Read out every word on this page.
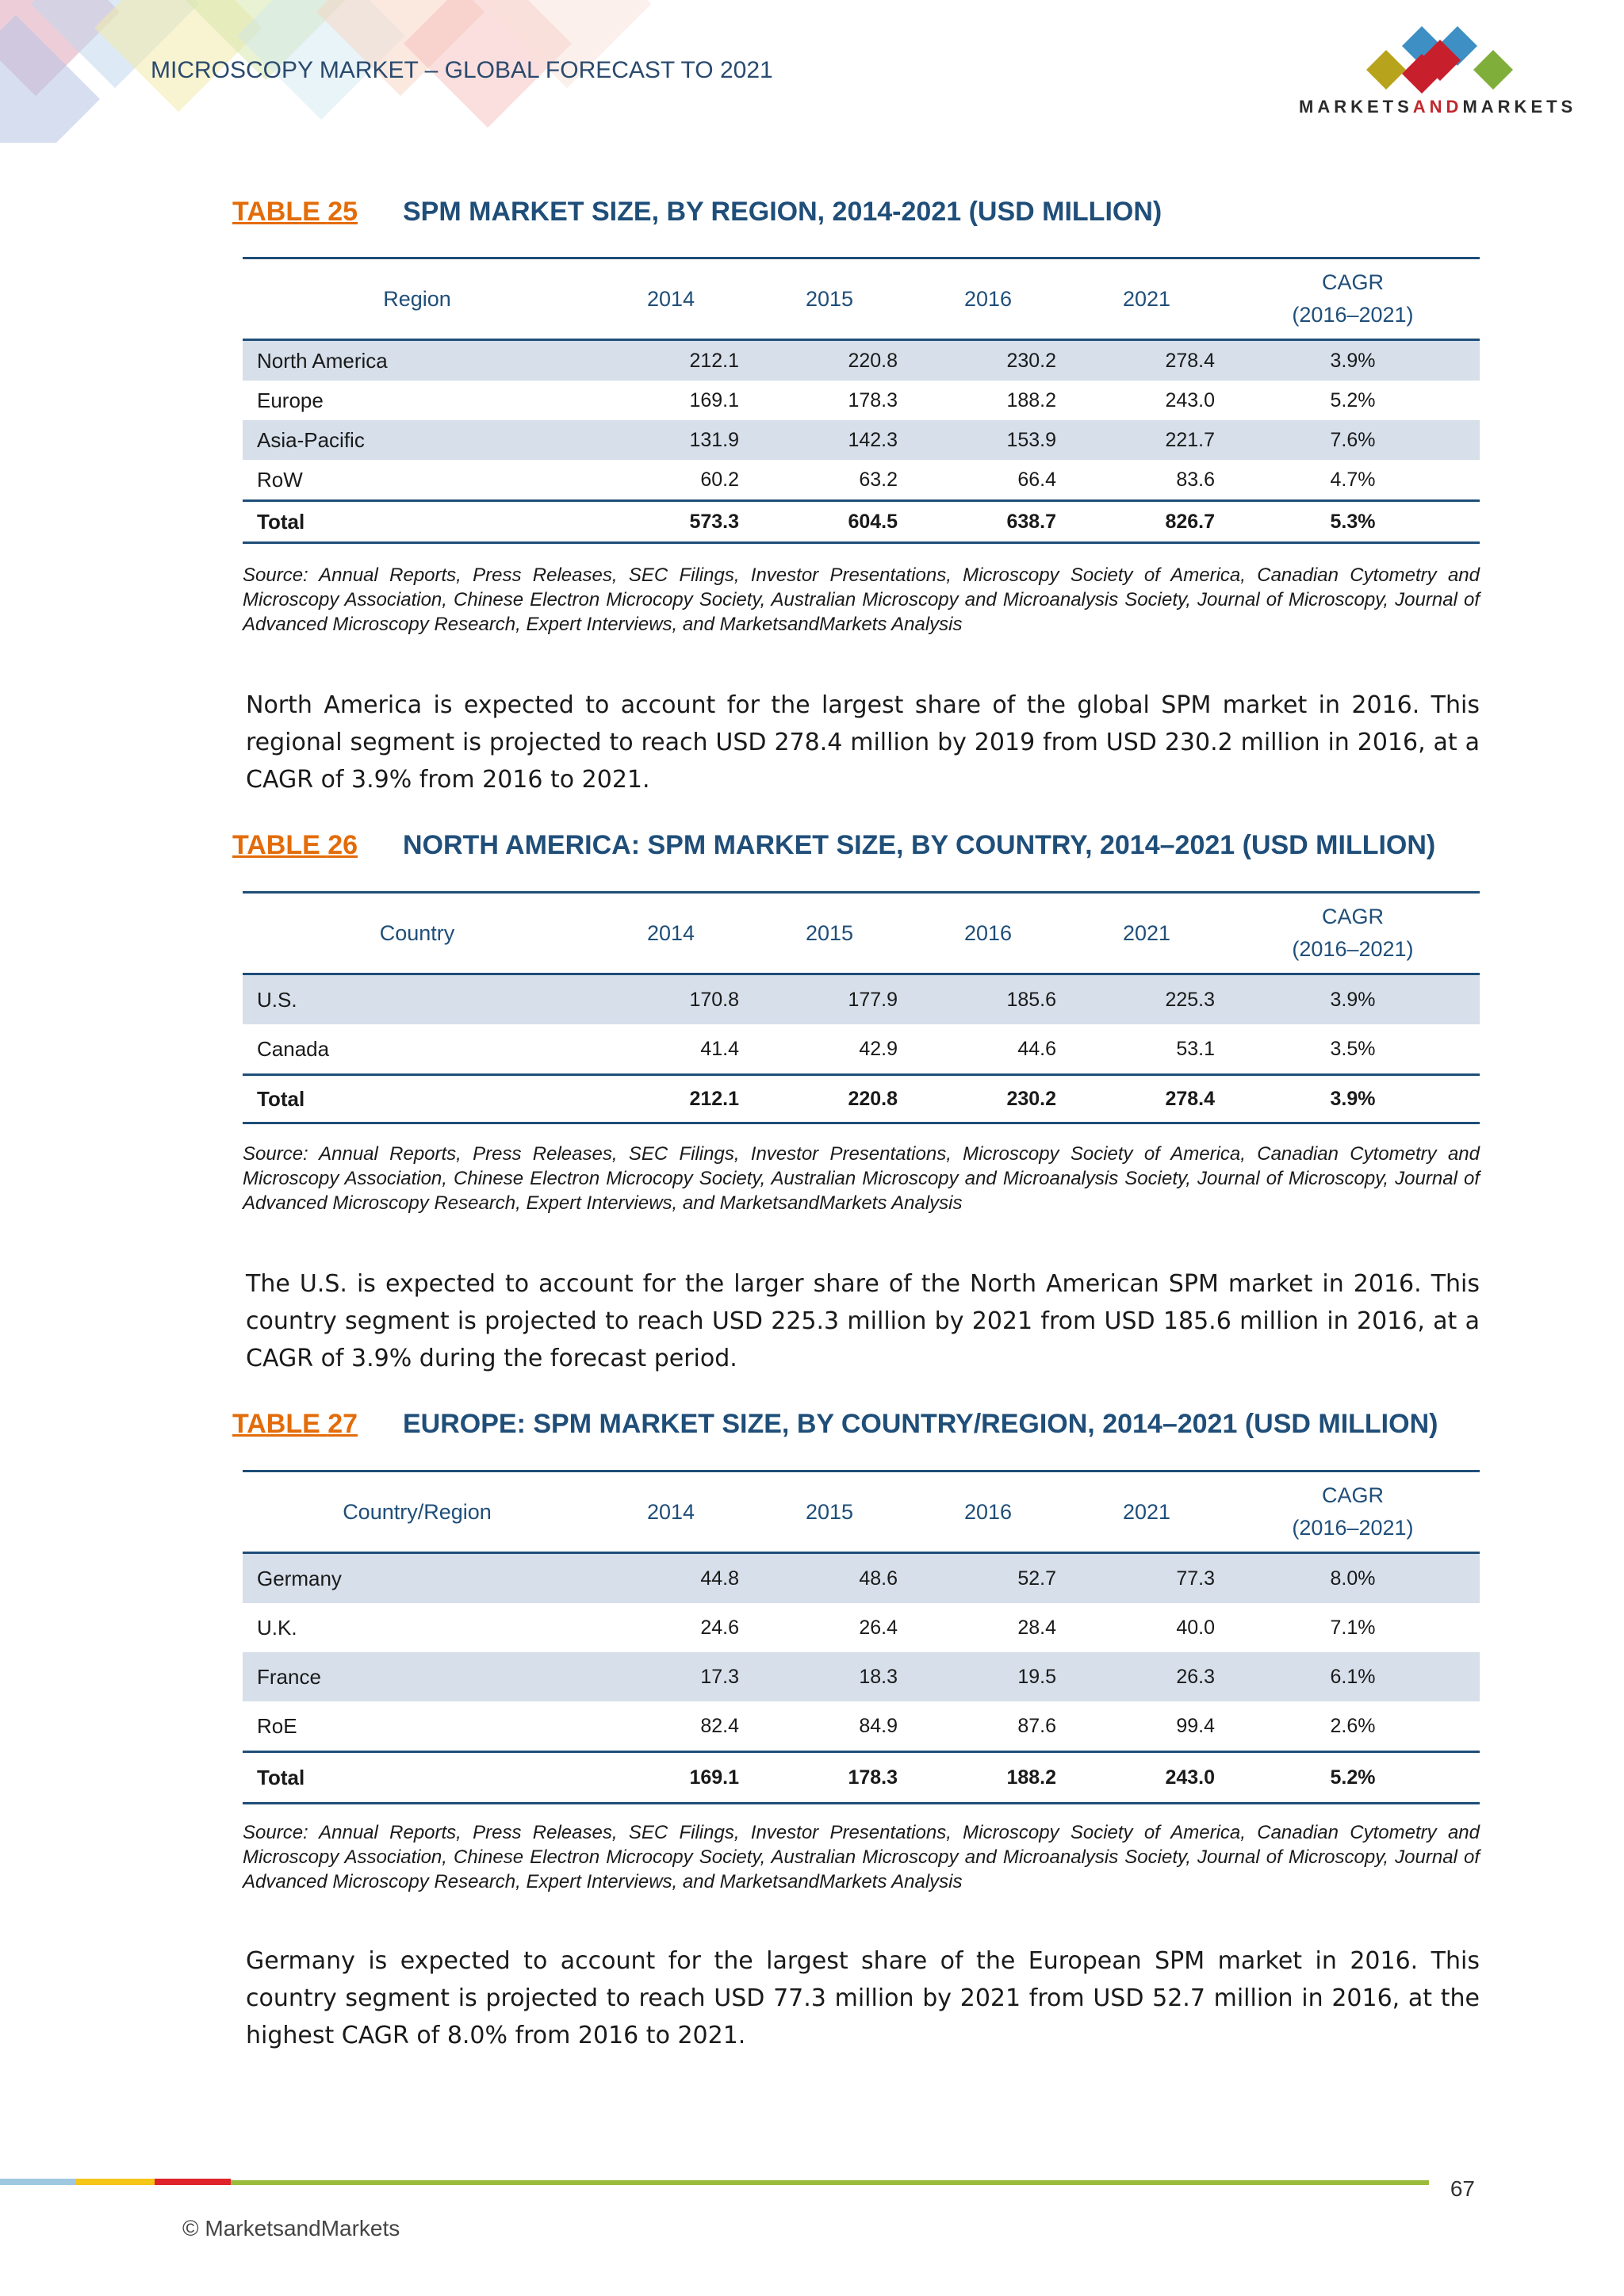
MICROSCOPY MARKET – GLOBAL FORECAST TO 2021
MARKETSANDMARKETS
TABLE 25 SPM MARKET SIZE, BY REGION, 2014-2021 (USD MILLION)
Region	2014	2015	2016	2021	CAGR
(2016–2021)

North America	212.1	220.8	230.2	278.4	3.9%
Europe	169.1	178.3	188.2	243.0	5.2%
Asia-Pacific	131.9	142.3	153.9	221.7	7.6%
RoW	60.2	63.2	66.4	83.6	4.7%
Total	573.3	604.5	638.7	826.7	5.3%
Source: Annual Reports, Press Releases, SEC Filings, Investor Presentations, Microscopy Society of America, Canadian Cytometry and Microscopy Association, Chinese Electron Microcopy Society, Australian Microscopy and Microanalysis Society, Journal of Microscopy, Journal of Advanced Microscopy Research, Expert Interviews, and MarketsandMarkets Analysis
North America is expected to account for the largest share of the global SPM market in 2016. This regional segment is projected to reach USD 278.4 million by 2019 from USD 230.2 million in 2016, at a CAGR of 3.9% from 2016 to 2021.
TABLE 26 NORTH AMERICA: SPM MARKET SIZE, BY COUNTRY, 2014–2021 (USD MILLION)
Country	2014	2015	2016	2021	CAGR
(2016–2021)

U.S.	170.8	177.9	185.6	225.3	3.9%
Canada	41.4	42.9	44.6	53.1	3.5%
Total	212.1	220.8	230.2	278.4	3.9%
Source: Annual Reports, Press Releases, SEC Filings, Investor Presentations, Microscopy Society of America, Canadian Cytometry and Microscopy Association, Chinese Electron Microcopy Society, Australian Microscopy and Microanalysis Society, Journal of Microscopy, Journal of Advanced Microscopy Research, Expert Interviews, and MarketsandMarkets Analysis
The U.S. is expected to account for the larger share of the North American SPM market in 2016. This country segment is projected to reach USD 225.3 million by 2021 from USD 185.6 million in 2016, at a CAGR of 3.9% during the forecast period.
TABLE 27 EUROPE: SPM MARKET SIZE, BY COUNTRY/REGION, 2014–2021 (USD MILLION)
Country/Region	2014	2015	2016	2021	CAGR
(2016–2021)

Germany	44.8	48.6	52.7	77.3	8.0%
U.K.	24.6	26.4	28.4	40.0	7.1%
France	17.3	18.3	19.5	26.3	6.1%
RoE	82.4	84.9	87.6	99.4	2.6%
Total	169.1	178.3	188.2	243.0	5.2%
Source: Annual Reports, Press Releases, SEC Filings, Investor Presentations, Microscopy Society of America, Canadian Cytometry and Microscopy Association, Chinese Electron Microcopy Society, Australian Microscopy and Microanalysis Society, Journal of Microscopy, Journal of Advanced Microscopy Research, Expert Interviews, and MarketsandMarkets Analysis
Germany is expected to account for the largest share of the European SPM market in 2016. This country segment is projected to reach USD 77.3 million by 2021 from USD 52.7 million in 2016, at the highest CAGR of 8.0% from 2016 to 2021.
67
© MarketsandMarkets
